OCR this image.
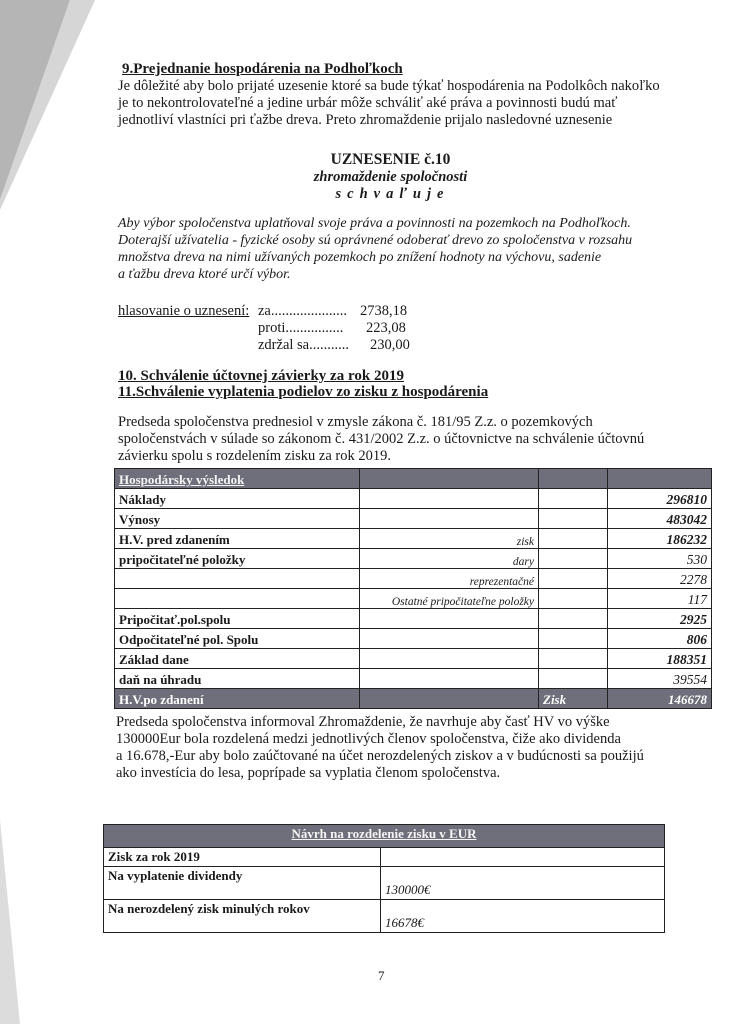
9.Prejednanie hospodárenia na Podhoľkoch
Je dôležité aby bolo prijaté uzesenie ktoré sa bude týkať hospodárenia na Podolkôch nakoľko
je to nekontrolovateľné a jedine urbár môže schváliť aké práva a povinnosti budú mať
jednotliví vlastníci pri ťažbe dreva. Preto zhromaždenie prijalo nasledovné uznesenie
UZNESENIE č.10
zhromaždenie spoločnosti
schvaľuje
Aby výbor spoločenstva uplatňoval svoje práva a povinnosti na pozemkoch na Podhoľkoch.
Doterajší užívatelia - fyzické osoby sú oprávnené odoberať drevo zo spoločenstva v rozsahu
množstva dreva na nimi užívaných pozemkoch po znížení hodnoty na výchovu, sadenie
a ťažbu dreva ktoré určí výbor.
hlasovanie o uznesení: za..................... 2738,18
proti................ 223,08
zdržal sa........... 230,00
10. Schválenie účtovnej závierky za rok 2019
11.Schválenie vyplatenia podielov zo zisku z hospodárenia
Predseda spoločenstva prednesiol v zmysle zákona č. 181/95 Z.z. o pozemkových
spoločenstvách v súlade so zákonom č. 431/2002 Z.z. o účtovnictve na schválenie účtovnú
závierku spolu s rozdelením zisku za rok 2019.
Hospodársky výsledok			
Náklady			296810
Výnosy			483042
H.V. pred zdanením	zisk		186232
pripočitateľné položky	dary		530
	reprezentačné		2278
	Ostatné pripočitateľne položky		117
Pripočitať.pol.spolu			2925
Odpočitateľné pol. Spolu			806
Základ dane			188351
daň na úhradu			39554
H.V.po zdanení		Zisk	146678
Predseda spoločenstva informoval Zhromaždenie, že navrhuje aby časť HV vo výške
130000Eur bola rozdelená medzi jednotlivých členov spoločenstva, čiže ako dividenda
a 16.678,-Eur aby bolo zaúčtované na účet nerozdelených ziskov a v budúcnosti sa použijú
ako investícia do lesa, poprípade sa vyplatia členom spoločenstva.
Návrh na rozdelenie zisku v EUR	
Zisk za rok 2019	
Na vyplatenie dividendy	130000€
Na nerozdelený zisk minulých rokov	16678€
7
